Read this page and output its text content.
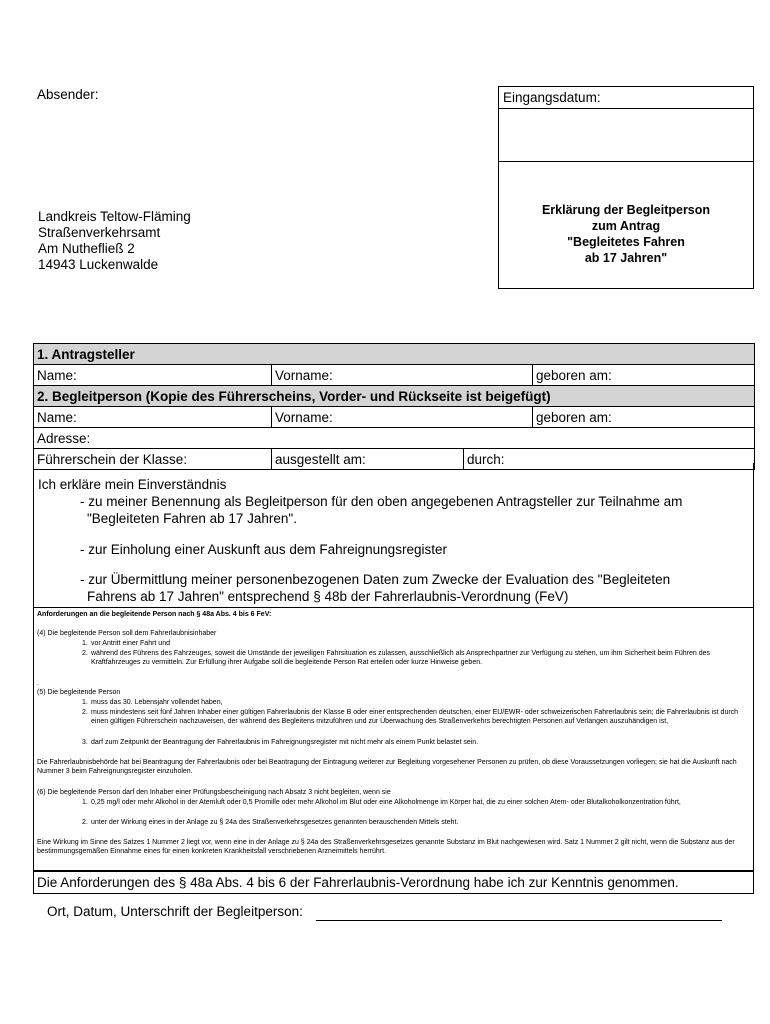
Absender:	Eingangsdatum:
Erklärung der Begleitperson
zum Antrag
"Begleitetes Fahren
ab 17 Jahren"
Landkreis Teltow-Fläming
Straßenverkehrsamt
Am Nuthefließ 2
14943 Luckenwalde
1. Antragsteller			
Name:	Vorname:		geboren am:
2. Begleitperson (Kopie des Führerscheins, Vorder- und Rückseite ist beigefügt)			
Name:	Vorname:		geboren am:
Adresse:			
Führerschein der Klasse:	ausgestellt am:	durch:	
Ich erkläre mein Einverständnis
- zu meiner Benennung als Begleitperson für den oben angegebenen Antragsteller zur Teilnahme am
"Begleiteten Fahren ab 17 Jahren".
- zur Einholung einer Auskunft aus dem Fahreignungsregister
- zur Übermittlung meiner personenbezogenen Daten zum Zwecke der Evaluation des "Begleiteten
Fahrens ab 17 Jahren" entsprechend § 48b der Fahrerlaubnis-Verordnung (FeV)
Anforderungen an die begleitende Person nach § 48a Abs. 4 bis 6 FeV:
(4) Die begleitende Person soll dem Fahrerlaubnisinhaber
1. vor Antritt einer Fahrt und
2. während des Führens des Fahrzeuges, soweit die Umstände der jeweiligen Fahrsituation es zulassen, ausschließlich als Ansprechpartner zur Verfügung zu stehen, um ihm Sicherheit beim Führen des Kraftfahrzeuges zu vermitteln. Zur Erfüllung ihrer Aufgabe soll die begleitende Person Rat erteilen oder kurze Hinweise geben.
.
(5) Die begleitende Person
1. muss das 30. Lebensjahr vollendet haben,
2. muss mindestens seit fünf Jahren Inhaber einer gültigen Fahrerlaubnis der Klasse B oder einer entsprechenden deutschen, einer EU/EWR- oder schweizerischen Fahrerlaubnis sein; die Fahrerlaubnis ist durch einen gültigen Führerschein nachzuweisen, der während des Begleitens mitzuführen und zur Überwachung des Straßenverkehrs berechtigten Personen auf Verlangen auszuhändigen ist,
3. darf zum Zeitpunkt der Beantragung der Fahrerlaubnis im Fahreignungsregister mit nicht mehr als einem Punkt belastet sein.
Die Fahrerlaubnisbehörde hat bei Beantragung der Fahrerlaubnis oder bei Beantragung der Eintragung weiterer zur Begleitung vorgesehener Personen zu prüfen, ob diese Voraussetzungen vorliegen; sie hat die Auskunft nach Nummer 3 beim Fahreignungsregister einzuholen.
(6) Die begleitende Person darf den Inhaber einer Prüfungsbescheinigung nach Absatz 3 nicht begleiten, wenn sie
1. 0,25 mg/l oder mehr Alkohol in der Atemluft oder 0,5 Promille oder mehr Alkohol im Blut oder eine Alkoholmenge im Körper hat, die zu einer solchen Atem- oder Blutalkoholkonzentration führt,
2. unter der Wirkung eines in der Anlage zu § 24a des Straßenverkehrsgesetzes genannten berauschenden Mittels steht.
Eine Wirkung im Sinne des Satzes 1 Nummer 2 liegt vor, wenn eine in der Anlage zu § 24a des Straßenverkehrsgesetzes genannte Substanz im Blut nachgewiesen wird. Satz 1 Nummer 2 gilt nicht, wenn die Substanz aus der bestimmungsgemäßen Einnahme eines für einen konkreten Krankheitsfall verschriebenen Arzneimittels herrührt.
Die Anforderungen des § 48a Abs. 4 bis 6 der Fahrerlaubnis-Verordnung habe ich zur Kenntnis genommen.
Ort, Datum, Unterschrift der Begleitperson:
